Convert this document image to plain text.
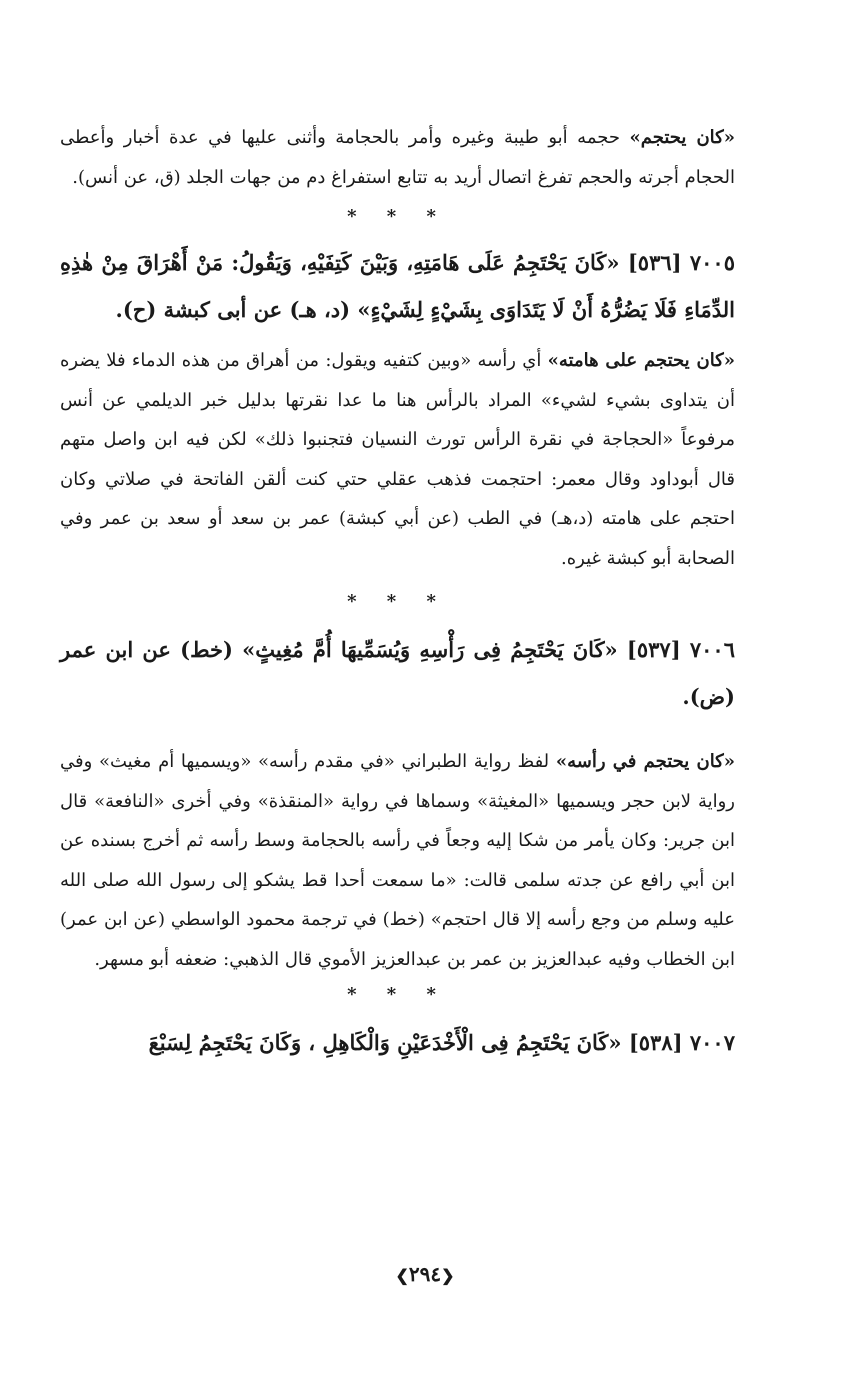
«كان يحتجم» حجمه أبو طيبة وغيره وأمر بالحجامة وأثنى عليها في عدة أخبار وأعطى الحجام أجرته والحجم تفرغ اتصال أريد به تتابع استفراغ دم من جهات الجلد (ق، عن أنس).

* * *

٧٠٠٥ [٥٣٦] «كَانَ يَحْتَجِمُ عَلَى هَامَتِهِ، وَبَيْنَ كَتِفَيْهِ، وَيَقُولُ: مَنْ أَهْرَاقَ مِنْ هٰذِهِ الدِّمَاءِ فَلَا يَضُرُّهُ أَنْ لَا يَتَدَاوَى بِشَيْءٍ لِشَيْءٍ» (د، هـ) عن أبى كبشة (ح).

«كان يحتجم على هامته» أي رأسه «وبين كتفيه ويقول: من أهراق من هذه الدماء فلا يضره أن يتداوى بشيء لشيء» المراد بالرأس هنا ما عدا نقرتها بدليل خبر الديلمي عن أنس مرفوعاً «الحجاجة في نقرة الرأس تورث النسيان فتجنبوا ذلك» لكن فيه ابن واصل متهم قال أبوداود وقال معمر: احتجمت فذهب عقلي حتي كنت ألقن الفاتحة في صلاتي وكان احتجم على هامته (د،هـ) في الطب (عن أبي كبشة) عمر بن سعد أو سعد بن عمر وفي الصحابة أبو كبشة غيره.

* * *

٧٠٠٦ [٥٣٧] «كَانَ يَحْتَجِمُ فِى رَأْسِهِ وَيُسَمِّيهَا أُمَّ مُغِيثٍ» (خط) عن ابن عمر (ض).

«كان يحتجم في رأسه» لفظ رواية الطبراني «في مقدم رأسه» «ويسميها أم مغيث» وفي رواية لابن حجر ويسميها «المغيثة» وسماها في رواية «المنقذة» وفي أخرى «النافعة» قال ابن جرير: وكان يأمر من شكا إليه وجعاً في رأسه بالحجامة وسط رأسه ثم أخرج بسنده عن ابن أبي رافع عن جدته سلمى قالت: «ما سمعت أحدا قط يشكو إلى رسول الله صلى الله عليه وسلم من وجع رأسه إلا قال احتجم» (خط) في ترجمة محمود الواسطي (عن ابن عمر) ابن الخطاب وفيه عبدالعزيز بن عمر بن عبدالعزيز الأموي قال الذهبي: ضعفه أبو مسهر.

* * *

٧٠٠٧ [٥٣٨] «كَانَ يَحْتَجِمُ فِى الْأَخْدَعَيْنِ وَالْكَاهِلِ ، وَكَانَ يَحْتَجِمُ لِسَبْعَ

❮٢٩٤❯
